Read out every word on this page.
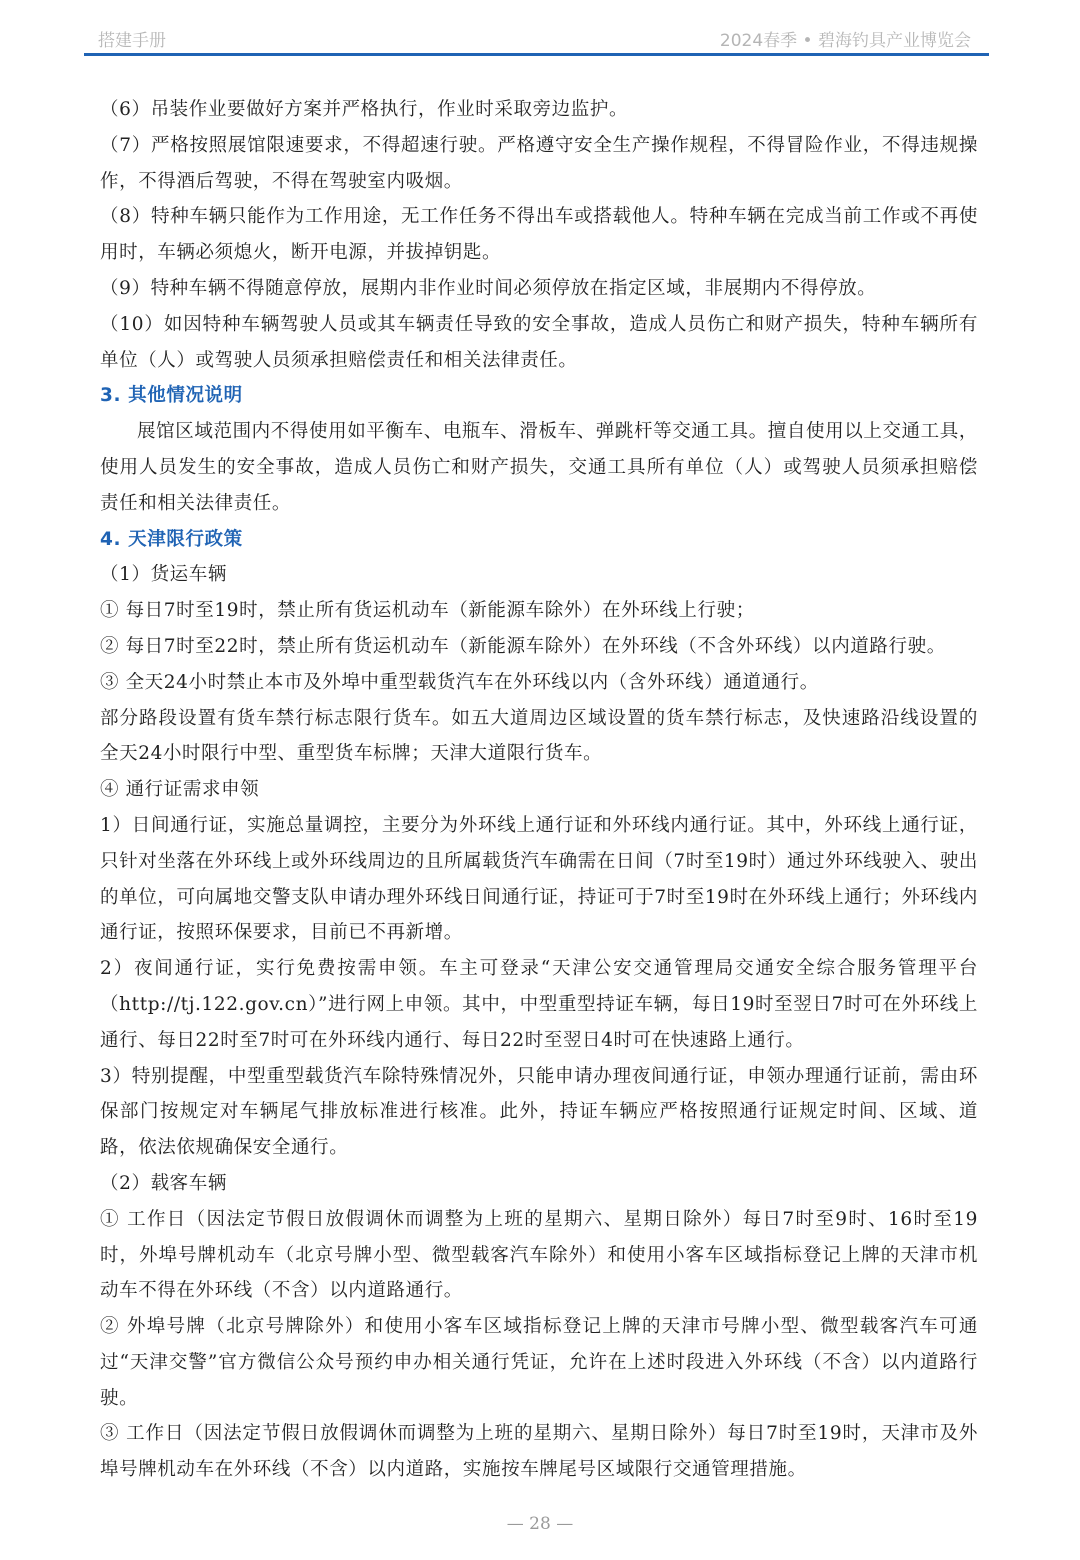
搭建手册	2024春季 • 碧海钓具产业博览会

（6）吊装作业要做好方案并严格执行，作业时采取旁边监护。

（7）严格按照展馆限速要求，不得超速行驶。严格遵守安全生产操作规程，不得冒险作业，不得违规操作，不得酒后驾驶，不得在驾驶室内吸烟。

（8）特种车辆只能作为工作用途，无工作任务不得出车或搭载他人。特种车辆在完成当前工作或不再使用时，车辆必须熄火，断开电源，并拔掉钥匙。

（9）特种车辆不得随意停放，展期内非作业时间必须停放在指定区域，非展期内不得停放。

（10）如因特种车辆驾驶人员或其车辆责任导致的安全事故，造成人员伤亡和财产损失，特种车辆所有单位（人）或驾驶人员须承担赔偿责任和相关法律责任。

3. 其他情况说明

展馆区域范围内不得使用如平衡车、电瓶车、滑板车、弹跳杆等交通工具。擅自使用以上交通工具，使用人员发生的安全事故，造成人员伤亡和财产损失，交通工具所有单位（人）或驾驶人员须承担赔偿责任和相关法律责任。

4. 天津限行政策

（1）货运车辆

① 每日7时至19时，禁止所有货运机动车（新能源车除外）在外环线上行驶；

② 每日7时至22时，禁止所有货运机动车（新能源车除外）在外环线（不含外环线）以内道路行驶。

③ 全天24小时禁止本市及外埠中重型载货汽车在外环线以内（含外环线）通道通行。

部分路段设置有货车禁行标志限行货车。如五大道周边区域设置的货车禁行标志，及快速路沿线设置的全天24小时限行中型、重型货车标牌；天津大道限行货车。

④ 通行证需求申领

1）日间通行证，实施总量调控，主要分为外环线上通行证和外环线内通行证。其中，外环线上通行证，只针对坐落在外环线上或外环线周边的且所属载货汽车确需在日间（7时至19时）通过外环线驶入、驶出的单位，可向属地交警支队申请办理外环线日间通行证，持证可于7时至19时在外环线上通行；外环线内通行证，按照环保要求，目前已不再新增。

2）夜间通行证，实行免费按需申领。车主可登录“天津公安交通管理局交通安全综合服务管理平台（http://tj.122.gov.cn）”进行网上申领。其中，中型重型持证车辆，每日19时至翌日7时可在外环线上通行、每日22时至7时可在外环线内通行、每日22时至翌日4时可在快速路上通行。

3）特别提醒，中型重型载货汽车除特殊情况外，只能申请办理夜间通行证，申领办理通行证前，需由环保部门按规定对车辆尾气排放标准进行核准。此外，持证车辆应严格按照通行证规定时间、区域、道路，依法依规确保安全通行。

（2）载客车辆

① 工作日（因法定节假日放假调休而调整为上班的星期六、星期日除外）每日7时至9时、16时至19时，外埠号牌机动车（北京号牌小型、微型载客汽车除外）和使用小客车区域指标登记上牌的天津市机动车不得在外环线（不含）以内道路通行。

② 外埠号牌（北京号牌除外）和使用小客车区域指标登记上牌的天津市号牌小型、微型载客汽车可通过“天津交警”官方微信公众号预约申办相关通行凭证，允许在上述时段进入外环线（不含）以内道路行驶。

③ 工作日（因法定节假日放假调休而调整为上班的星期六、星期日除外）每日7时至19时，天津市及外埠号牌机动车在外环线（不含）以内道路，实施按车牌尾号区域限行交通管理措施。

— 28 —
